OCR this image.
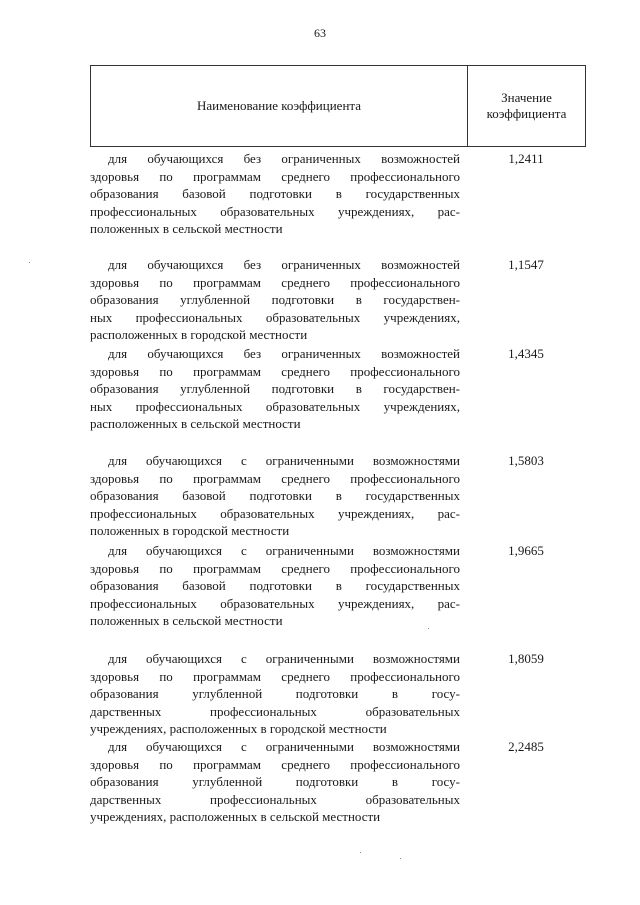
63
Наименование коэффициента
Значение
коэффициента
для обучающихся без ограниченных возможностей
здоровья по программам среднего профессионального
образования базовой подготовки в государственных
профессиональных образовательных учреждениях, рас-
положенных в сельской местности
1,2411
для обучающихся без ограниченных возможностей
здоровья по программам среднего профессионального
образования углубленной подготовки в государствен-
ных профессиональных образовательных учреждениях,
расположенных в городской местности
1,1547
для обучающихся без ограниченных возможностей
здоровья по программам среднего профессионального
образования углубленной подготовки в государствен-
ных профессиональных образовательных учреждениях,
расположенных в сельской местности
1,4345
для обучающихся с ограниченными возможностями
здоровья по программам среднего профессионального
образования базовой подготовки в государственных
профессиональных образовательных учреждениях, рас-
положенных в городской местности
1,5803
для обучающихся с ограниченными возможностями
здоровья по программам среднего профессионального
образования базовой подготовки в государственных
профессиональных образовательных учреждениях, рас-
положенных в сельской местности
1,9665
для обучающихся с ограниченными возможностями
здоровья по программам среднего профессионального
образования углубленной подготовки в госу-
дарственных профессиональных образовательных
учреждениях, расположенных в городской местности
1,8059
для обучающихся с ограниченными возможностями
здоровья по программам среднего профессионального
образования углубленной подготовки в госу-
дарственных профессиональных образовательных
учреждениях, расположенных в сельской местности
2,2485
